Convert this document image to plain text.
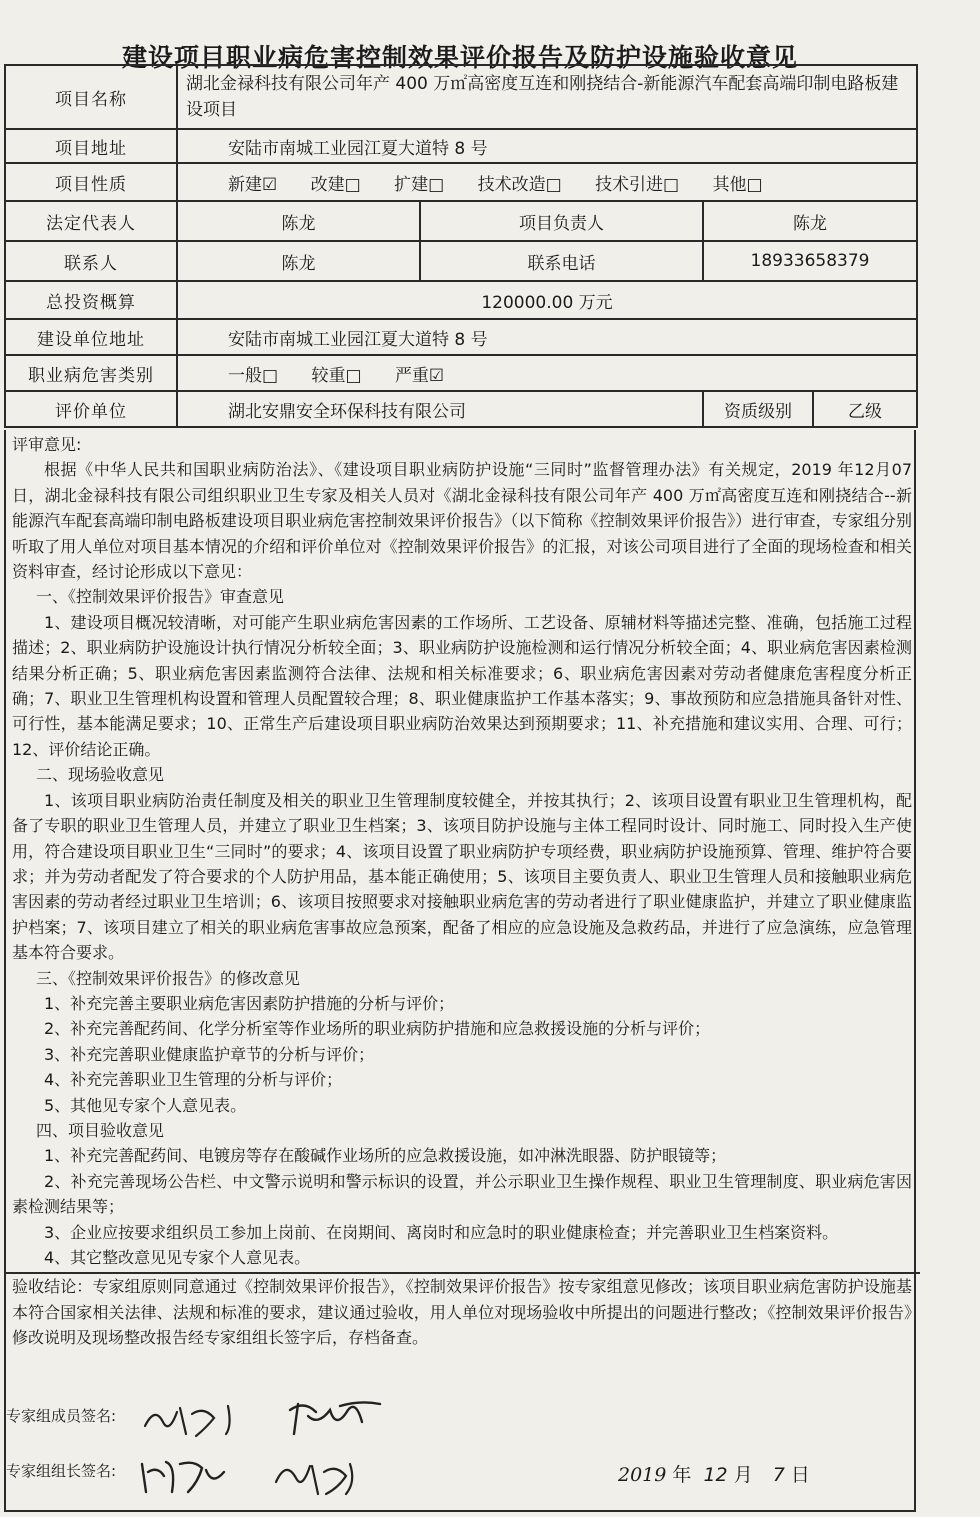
建设项目职业病危害控制效果评价报告及防护设施验收意见
项目名称	湖北金禄科技有限公司年产 400 万㎡高密度互连和刚挠结合-新能源汽车配套高端印制电路板建设项目			
项目地址	安陆市南城工业园江夏大道特 8 号			
项目性质	新建☑ 改建□ 扩建□ 技术改造□ 技术引进□ 其他□			
法定代表人	陈龙	项目负责人	陈龙	
联系人	陈龙	联系电话	18933658379	
总投资概算	120000.00 万元			
建设单位地址	安陆市南城工业园江夏大道特 8 号			
职业病危害类别	一般□ 较重□ 严重☑			
评价单位	湖北安鼎安全环保科技有限公司		资质级别	乙级

评审意见:

根据《中华人民共和国职业病防治法》、《建设项目职业病防护设施“三同时”监督管理办法》有关规定，2019 年12月07日，湖北金禄科技有限公司组织职业卫生专家及相关人员对《湖北金禄科技有限公司年产 400 万㎡高密度互连和刚挠结合--新能源汽车配套高端印制电路板建设项目职业病危害控制效果评价报告》（以下简称《控制效果评价报告》）进行审查，专家组分别听取了用人单位对项目基本情况的介绍和评价单位对《控制效果评价报告》的汇报，对该公司项目进行了全面的现场检查和相关资料审查，经讨论形成以下意见：

一、《控制效果评价报告》审查意见

1、建设项目概况较清晰，对可能产生职业病危害因素的工作场所、工艺设备、原辅材料等描述完整、准确，包括施工过程描述；2、职业病防护设施设计执行情况分析较全面；3、职业病防护设施检测和运行情况分析较全面；4、职业病危害因素检测结果分析正确；5、职业病危害因素监测符合法律、法规和相关标准要求；6、职业病危害因素对劳动者健康危害程度分析正确；7、职业卫生管理机构设置和管理人员配置较合理；8、职业健康监护工作基本落实；9、事故预防和应急措施具备针对性、可行性，基本能满足要求；10、正常生产后建设项目职业病防治效果达到预期要求；11、补充措施和建议实用、合理、可行；12、评价结论正确。

二、现场验收意见

1、该项目职业病防治责任制度及相关的职业卫生管理制度较健全，并按其执行；2、该项目设置有职业卫生管理机构，配备了专职的职业卫生管理人员，并建立了职业卫生档案；3、该项目防护设施与主体工程同时设计、同时施工、同时投入生产使用，符合建设项目职业卫生“三同时”的要求；4、该项目设置了职业病防护专项经费，职业病防护设施预算、管理、维护符合要求；并为劳动者配发了符合要求的个人防护用品，基本能正确使用；5、该项目主要负责人、职业卫生管理人员和接触职业病危害因素的劳动者经过职业卫生培训；6、该项目按照要求对接触职业病危害的劳动者进行了职业健康监护，并建立了职业健康监护档案；7、该项目建立了相关的职业病危害事故应急预案，配备了相应的应急设施及急救药品，并进行了应急演练，应急管理基本符合要求。

三、《控制效果评价报告》的修改意见

1、补充完善主要职业病危害因素防护措施的分析与评价；

2、补充完善配药间、化学分析室等作业场所的职业病防护措施和应急救援设施的分析与评价；

3、补充完善职业健康监护章节的分析与评价；

4、补充完善职业卫生管理的分析与评价；

5、其他见专家个人意见表。

四、项目验收意见

1、补充完善配药间、电镀房等存在酸碱作业场所的应急救援设施，如冲淋洗眼器、防护眼镜等；

2、补充完善现场公告栏、中文警示说明和警示标识的设置，并公示职业卫生操作规程、职业卫生管理制度、职业病危害因素检测结果等；

3、企业应按要求组织员工参加上岗前、在岗期间、离岗时和应急时的职业健康检查；并完善职业卫生档案资料。

4、其它整改意见见专家个人意见表。

验收结论：专家组原则同意通过《控制效果评价报告》，《控制效果评价报告》按专家组意见修改；该项目职业病危害防护设施基本符合国家相关法律、法规和标准的要求，建议通过验收，用人单位对现场验收中所提出的问题进行整改；《控制效果评价报告》修改说明及现场整改报告经专家组组长签字后，存档备查。

专家组成员签名:
专家组组长签名:	2019 年 12 月 7 日
